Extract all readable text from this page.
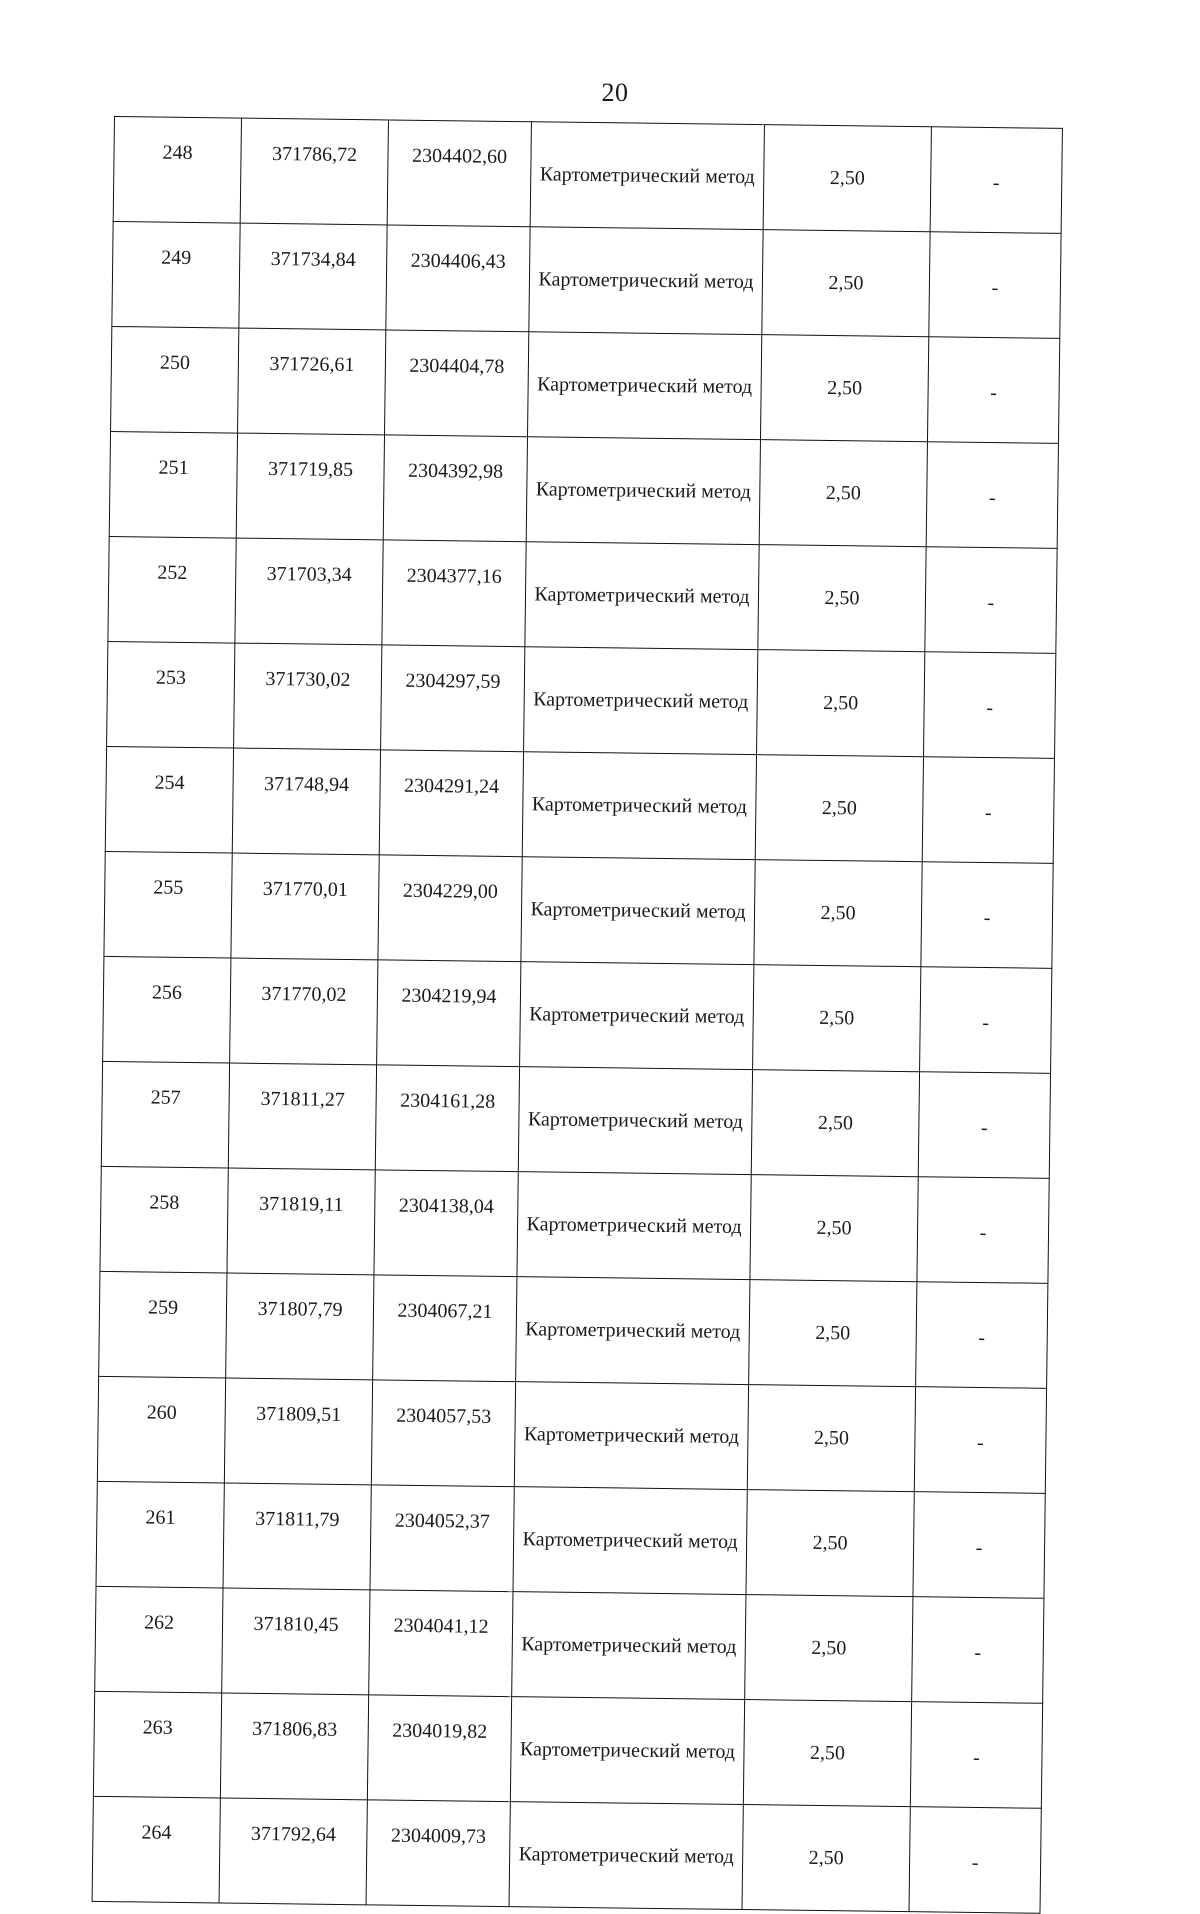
20
248	371786,72	2304402,60	Картометрический метод	2,50	-
249	371734,84	2304406,43	Картометрический метод	2,50	-
250	371726,61	2304404,78	Картометрический метод	2,50	-
251	371719,85	2304392,98	Картометрический метод	2,50	-
252	371703,34	2304377,16	Картометрический метод	2,50	-
253	371730,02	2304297,59	Картометрический метод	2,50	-
254	371748,94	2304291,24	Картометрический метод	2,50	-
255	371770,01	2304229,00	Картометрический метод	2,50	-
256	371770,02	2304219,94	Картометрический метод	2,50	-
257	371811,27	2304161,28	Картометрический метод	2,50	-
258	371819,11	2304138,04	Картометрический метод	2,50	-
259	371807,79	2304067,21	Картометрический метод	2,50	-
260	371809,51	2304057,53	Картометрический метод	2,50	-
261	371811,79	2304052,37	Картометрический метод	2,50	-
262	371810,45	2304041,12	Картометрический метод	2,50	-
263	371806,83	2304019,82	Картометрический метод	2,50	-
264	371792,64	2304009,73	Картометрический метод	2,50	-
